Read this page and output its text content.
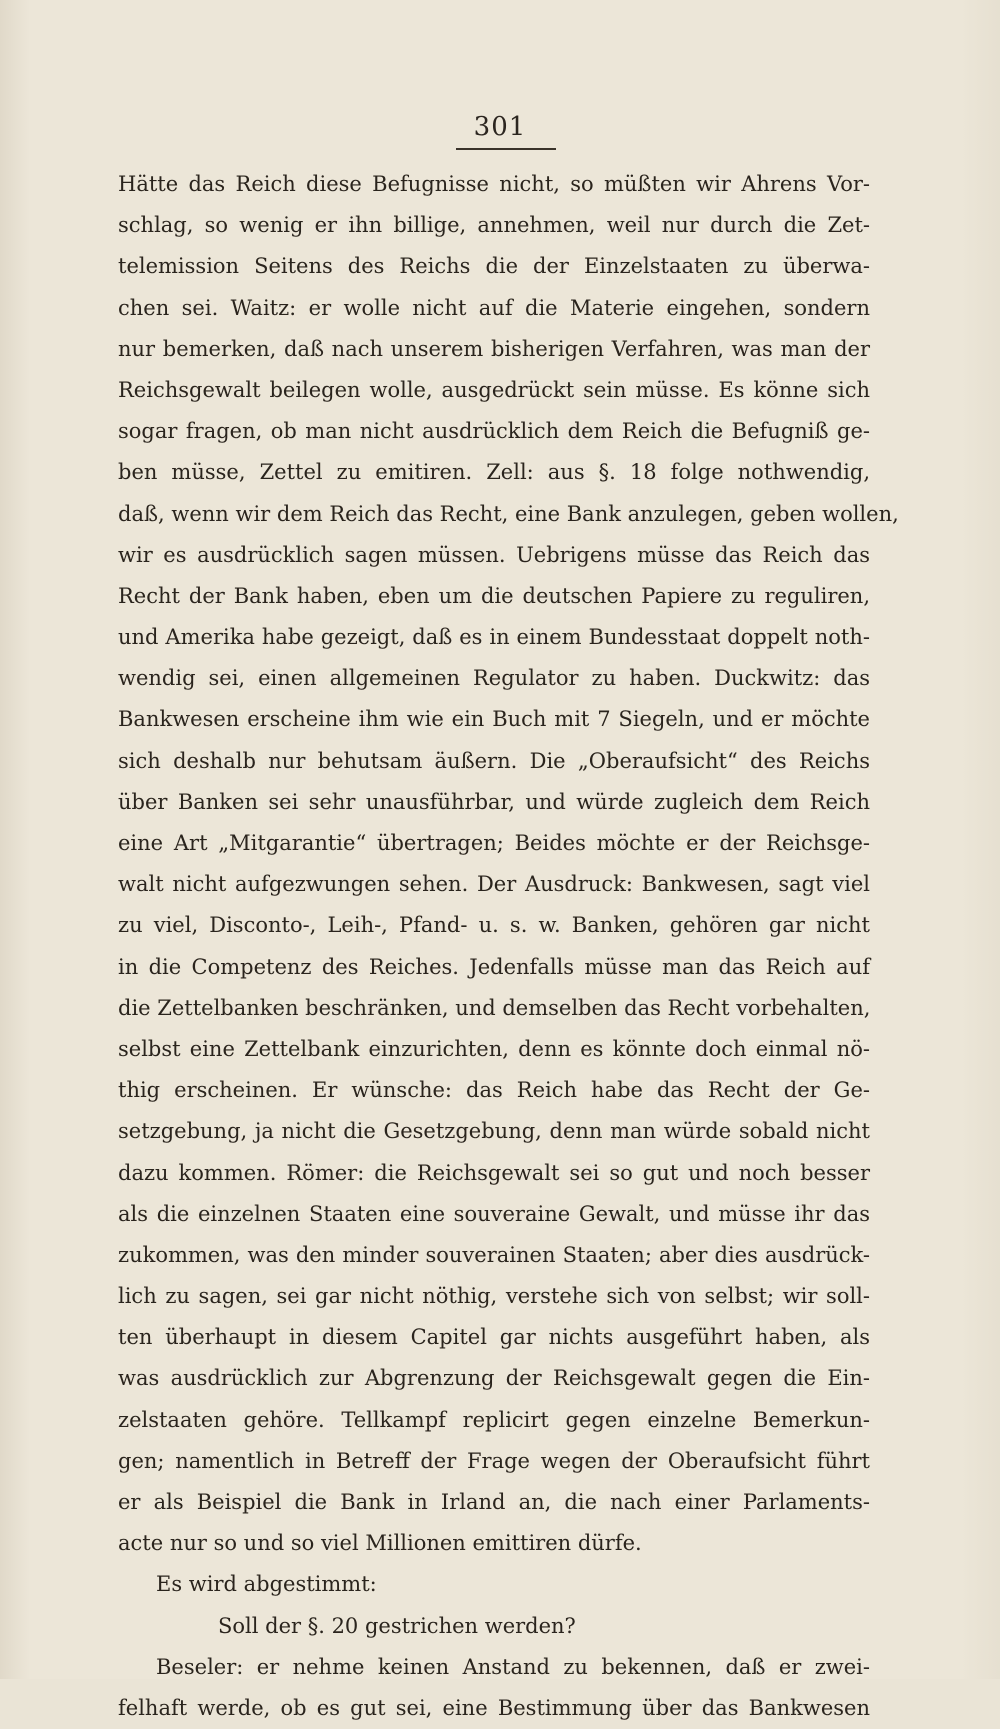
301
Hätte das Reich diese Befugnisse nicht, so müßten wir Ahrens Vor-
schlag, so wenig er ihn billige, annehmen, weil nur durch die Zet-
telemission Seitens des Reichs die der Einzelstaaten zu überwa-
chen sei. Waitz: er wolle nicht auf die Materie eingehen, sondern
nur bemerken, daß nach unserem bisherigen Verfahren, was man der
Reichsgewalt beilegen wolle, ausgedrückt sein müsse. Es könne sich
sogar fragen, ob man nicht ausdrücklich dem Reich die Befugniß ge-
ben müsse, Zettel zu emitiren. Zell: aus §. 18 folge nothwendig,
daß, wenn wir dem Reich das Recht, eine Bank anzulegen, geben wollen,
wir es ausdrücklich sagen müssen. Uebrigens müsse das Reich das
Recht der Bank haben, eben um die deutschen Papiere zu reguliren,
und Amerika habe gezeigt, daß es in einem Bundesstaat doppelt noth-
wendig sei, einen allgemeinen Regulator zu haben. Duckwitz: das
Bankwesen erscheine ihm wie ein Buch mit 7 Siegeln, und er möchte
sich deshalb nur behutsam äußern. Die „Oberaufsicht“ des Reichs
über Banken sei sehr unausführbar, und würde zugleich dem Reich
eine Art „Mitgarantie“ übertragen; Beides möchte er der Reichsge-
walt nicht aufgezwungen sehen. Der Ausdruck: Bankwesen, sagt viel
zu viel, Disconto-, Leih-, Pfand- u. s. w. Banken, gehören gar nicht
in die Competenz des Reiches. Jedenfalls müsse man das Reich auf
die Zettelbanken beschränken, und demselben das Recht vorbehalten,
selbst eine Zettelbank einzurichten, denn es könnte doch einmal nö-
thig erscheinen. Er wünsche: das Reich habe das Recht der Ge-
setzgebung, ja nicht die Gesetzgebung, denn man würde sobald nicht
dazu kommen. Römer: die Reichsgewalt sei so gut und noch besser
als die einzelnen Staaten eine souveraine Gewalt, und müsse ihr das
zukommen, was den minder souverainen Staaten; aber dies ausdrück-
lich zu sagen, sei gar nicht nöthig, verstehe sich von selbst; wir soll-
ten überhaupt in diesem Capitel gar nichts ausgeführt haben, als
was ausdrücklich zur Abgrenzung der Reichsgewalt gegen die Ein-
zelstaaten gehöre. Tellkampf replicirt gegen einzelne Bemerkun-
gen; namentlich in Betreff der Frage wegen der Oberaufsicht führt
er als Beispiel die Bank in Irland an, die nach einer Parlaments-
acte nur so und so viel Millionen emittiren dürfe.
Es wird abgestimmt:
Soll der §. 20 gestrichen werden?
Beseler: er nehme keinen Anstand zu bekennen, daß er zwei-
felhaft werde, ob es gut sei, eine Bestimmung über das Bankwesen
